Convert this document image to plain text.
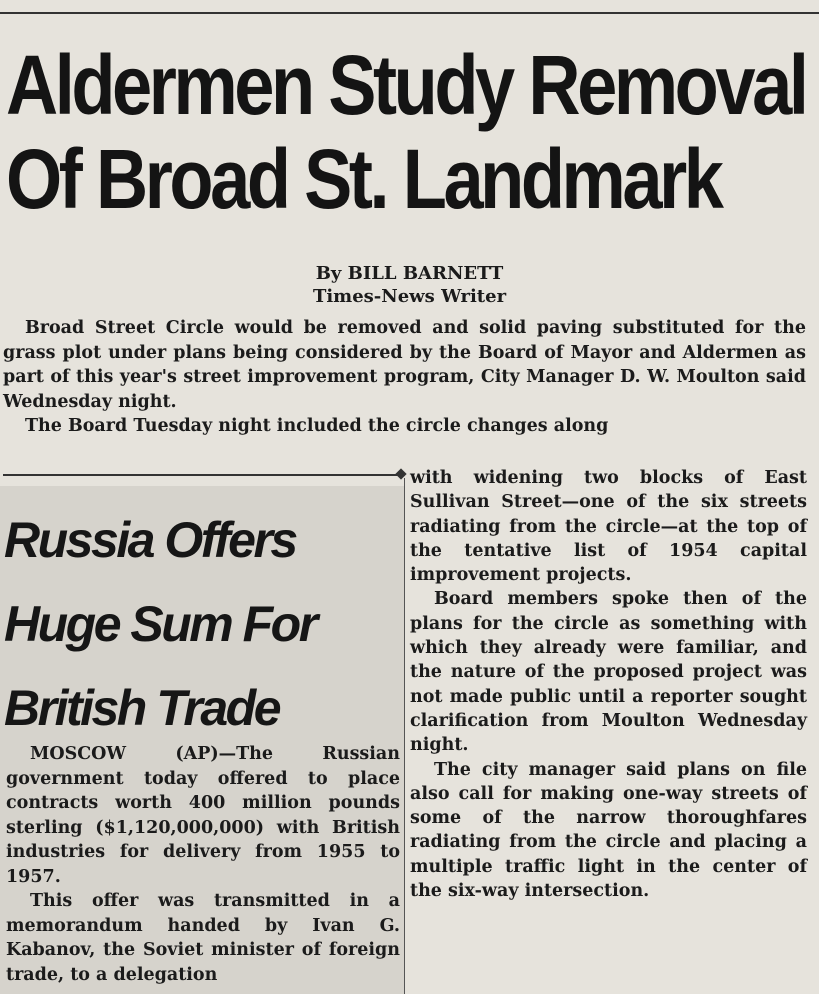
Aldermen Study Removal
Of Broad St. Landmark
By BILL BARNETT
Times-News Writer

Broad Street Circle would be removed and solid paving substituted for the grass plot under plans being considered by the Board of Mayor and Aldermen as part of this year's street improvement program, City Manager D. W. Moulton said Wednesday night.

The Board Tuesday night included the circle changes along

Russia Offers
Huge Sum For
British Trade

MOSCOW (AP)—The Russian government today offered to place contracts worth 400 million pounds sterling ($1,120,000,000) with British industries for delivery from 1955 to 1957.

This offer was transmitted in a memorandum handed by Ivan G. Kabanov, the Soviet minister of foreign trade, to a delegation

with widening two blocks of East Sullivan Street—one of the six streets radiating from the circle—at the top of the tentative list of 1954 capital improvement projects.

Board members spoke then of the plans for the circle as something with which they already were familiar, and the nature of the proposed project was not made public until a reporter sought clarification from Moulton Wednesday night.

The city manager said plans on file also call for making one-way streets of some of the narrow thoroughfares radiating from the circle and placing a multiple traffic light in the center of the six-way intersection.
